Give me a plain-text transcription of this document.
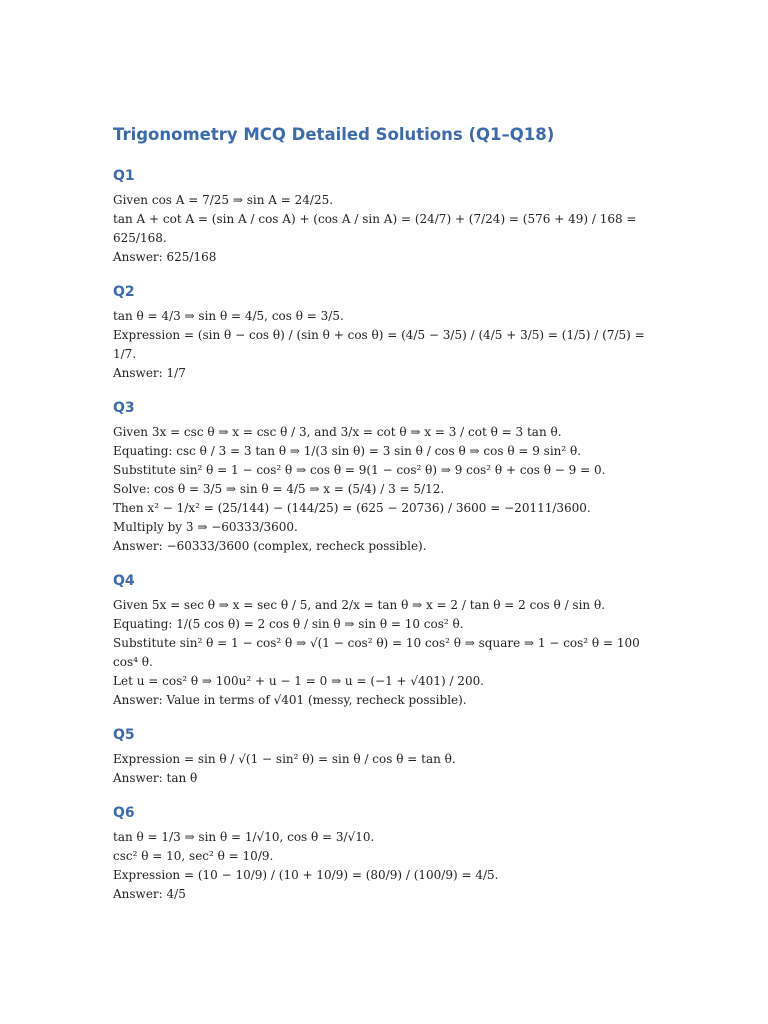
Trigonometry MCQ Detailed Solutions (Q1–Q18)
Q1

Given cos A = 7/25 ⇒ sin A = 24/25.

tan A + cot A = (sin A / cos A) + (cos A / sin A) = (24/7) + (7/24) = (576 + 49) / 168 = 625/168.

Answer: 625/168

Q2

tan θ = 4/3 ⇒ sin θ = 4/5, cos θ = 3/5.

Expression = (sin θ − cos θ) / (sin θ + cos θ) = (4/5 − 3/5) / (4/5 + 3/5) = (1/5) / (7/5) = 1/7.

Answer: 1/7

Q3

Given 3x = csc θ ⇒ x = csc θ / 3, and 3/x = cot θ ⇒ x = 3 / cot θ = 3 tan θ.

Equating: csc θ / 3 = 3 tan θ ⇒ 1/(3 sin θ) = 3 sin θ / cos θ ⇒ cos θ = 9 sin² θ.

Substitute sin² θ = 1 − cos² θ ⇒ cos θ = 9(1 − cos² θ) ⇒ 9 cos² θ + cos θ − 9 = 0.

Solve: cos θ = 3/5 ⇒ sin θ = 4/5 ⇒ x = (5/4) / 3 = 5/12.

Then x² − 1/x² = (25/144) − (144/25) = (625 − 20736) / 3600 = −20111/3600.

Multiply by 3 ⇒ −60333/3600.

Answer: −60333/3600 (complex, recheck possible).

Q4

Given 5x = sec θ ⇒ x = sec θ / 5, and 2/x = tan θ ⇒ x = 2 / tan θ = 2 cos θ / sin θ.

Equating: 1/(5 cos θ) = 2 cos θ / sin θ ⇒ sin θ = 10 cos² θ.

Substitute sin² θ = 1 − cos² θ ⇒ √(1 − cos² θ) = 10 cos² θ ⇒ square ⇒ 1 − cos² θ = 100 cos⁴ θ.

Let u = cos² θ ⇒ 100u² + u − 1 = 0 ⇒ u = (−1 + √401) / 200.

Answer: Value in terms of √401 (messy, recheck possible).

Q5

Expression = sin θ / √(1 − sin² θ) = sin θ / cos θ = tan θ.

Answer: tan θ

Q6

tan θ = 1/3 ⇒ sin θ = 1/√10, cos θ = 3/√10.

csc² θ = 10, sec² θ = 10/9.

Expression = (10 − 10/9) / (10 + 10/9) = (80/9) / (100/9) = 4/5.

Answer: 4/5
